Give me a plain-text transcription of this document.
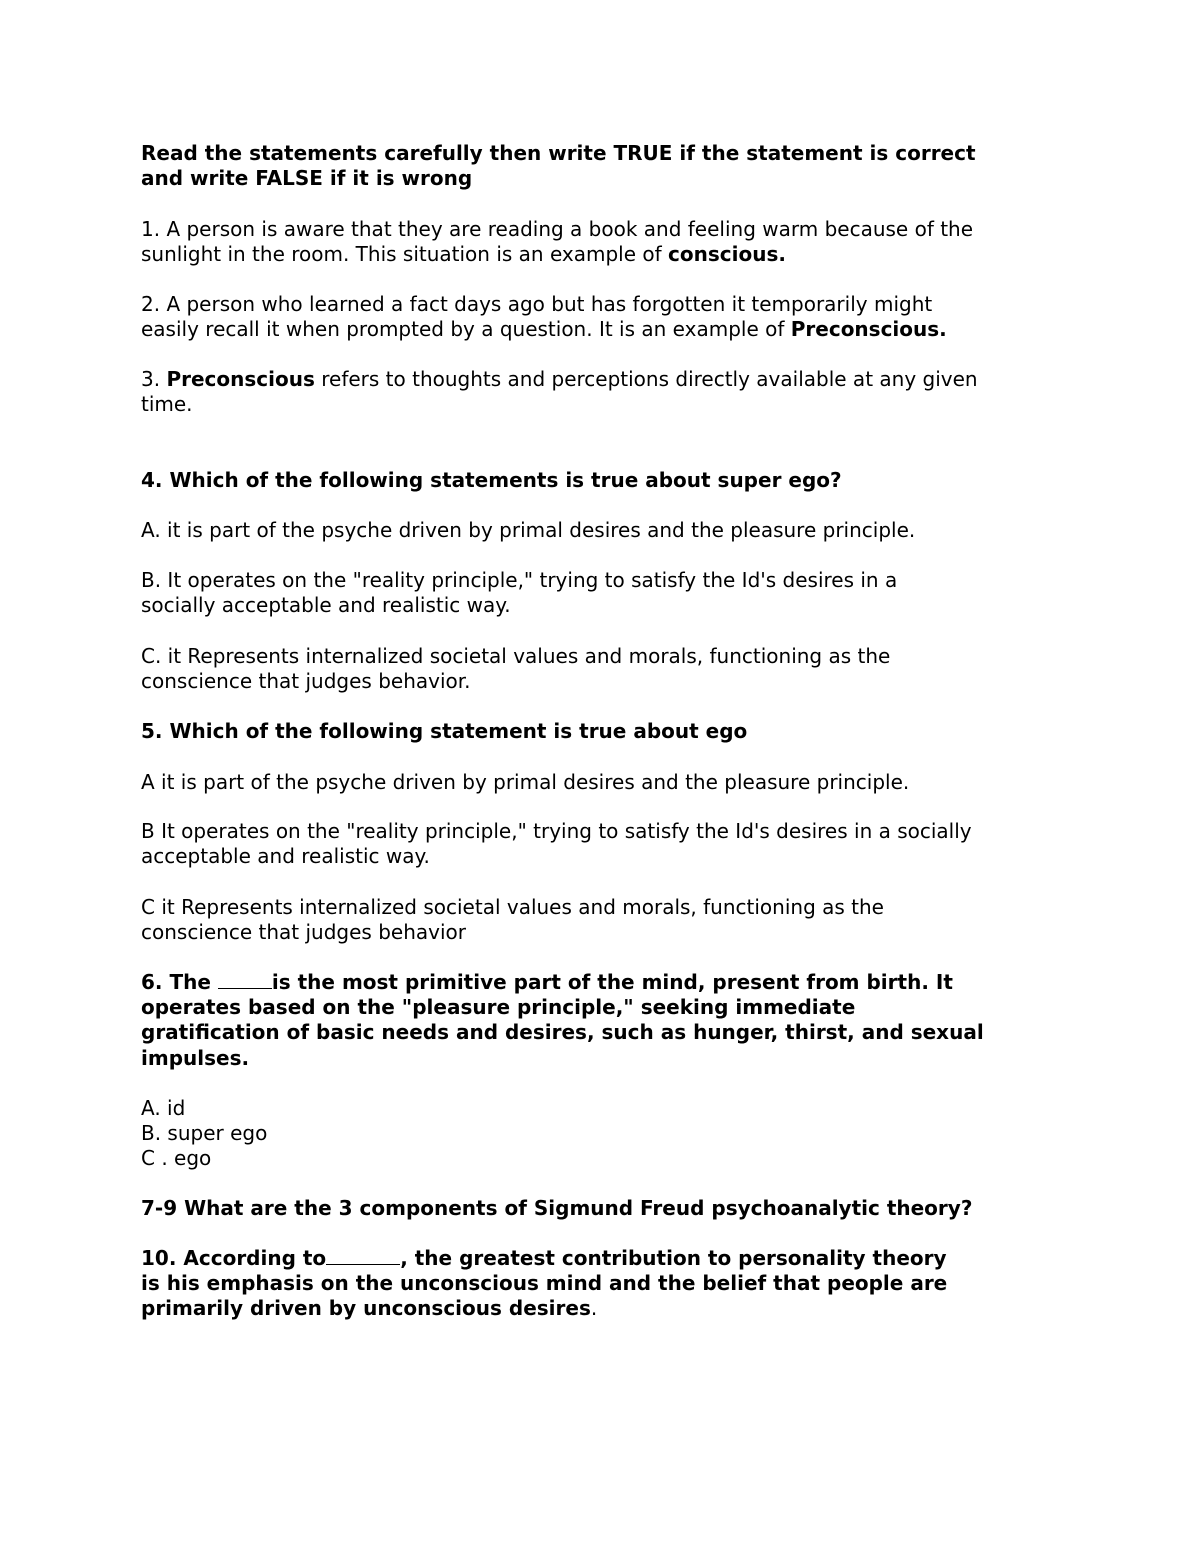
Read the statements carefully then write TRUE if the statement is correct
and write FALSE if it is wrong

1. A person is aware that they are reading a book and feeling warm because of the
sunlight in the room. This situation is an example of conscious.

2. A person who learned a fact days ago but has forgotten it temporarily might
easily recall it when prompted by a question. It is an example of Preconscious.

3. Preconscious refers to thoughts and perceptions directly available at any given
time.

4. Which of the following statements is true about super ego?

A. it is part of the psyche driven by primal desires and the pleasure principle.

B. It operates on the "reality principle," trying to satisfy the Id's desires in a
socially acceptable and realistic way.

C. it Represents internalized societal values and morals, functioning as the
conscience that judges behavior.

5. Which of the following statement is true about ego

A it is part of the psyche driven by primal desires and the pleasure principle.

B It operates on the "reality principle," trying to satisfy the Id's desires in a socially
acceptable and realistic way.

C it Represents internalized societal values and morals, functioning as the
conscience that judges behavior

6. The	is the most primitive part of the mind, present from birth. It
operates based on the "pleasure principle," seeking immediate
gratification of basic needs and desires, such as hunger, thirst, and sexual
impulses.

A. id
B. super ego
C . ego

7-9 What are the 3 components of Sigmund Freud psychoanalytic theory?

10. According to	, the greatest contribution to personality theory
is his emphasis on the unconscious mind and the belief that people are
primarily driven by unconscious desires.
